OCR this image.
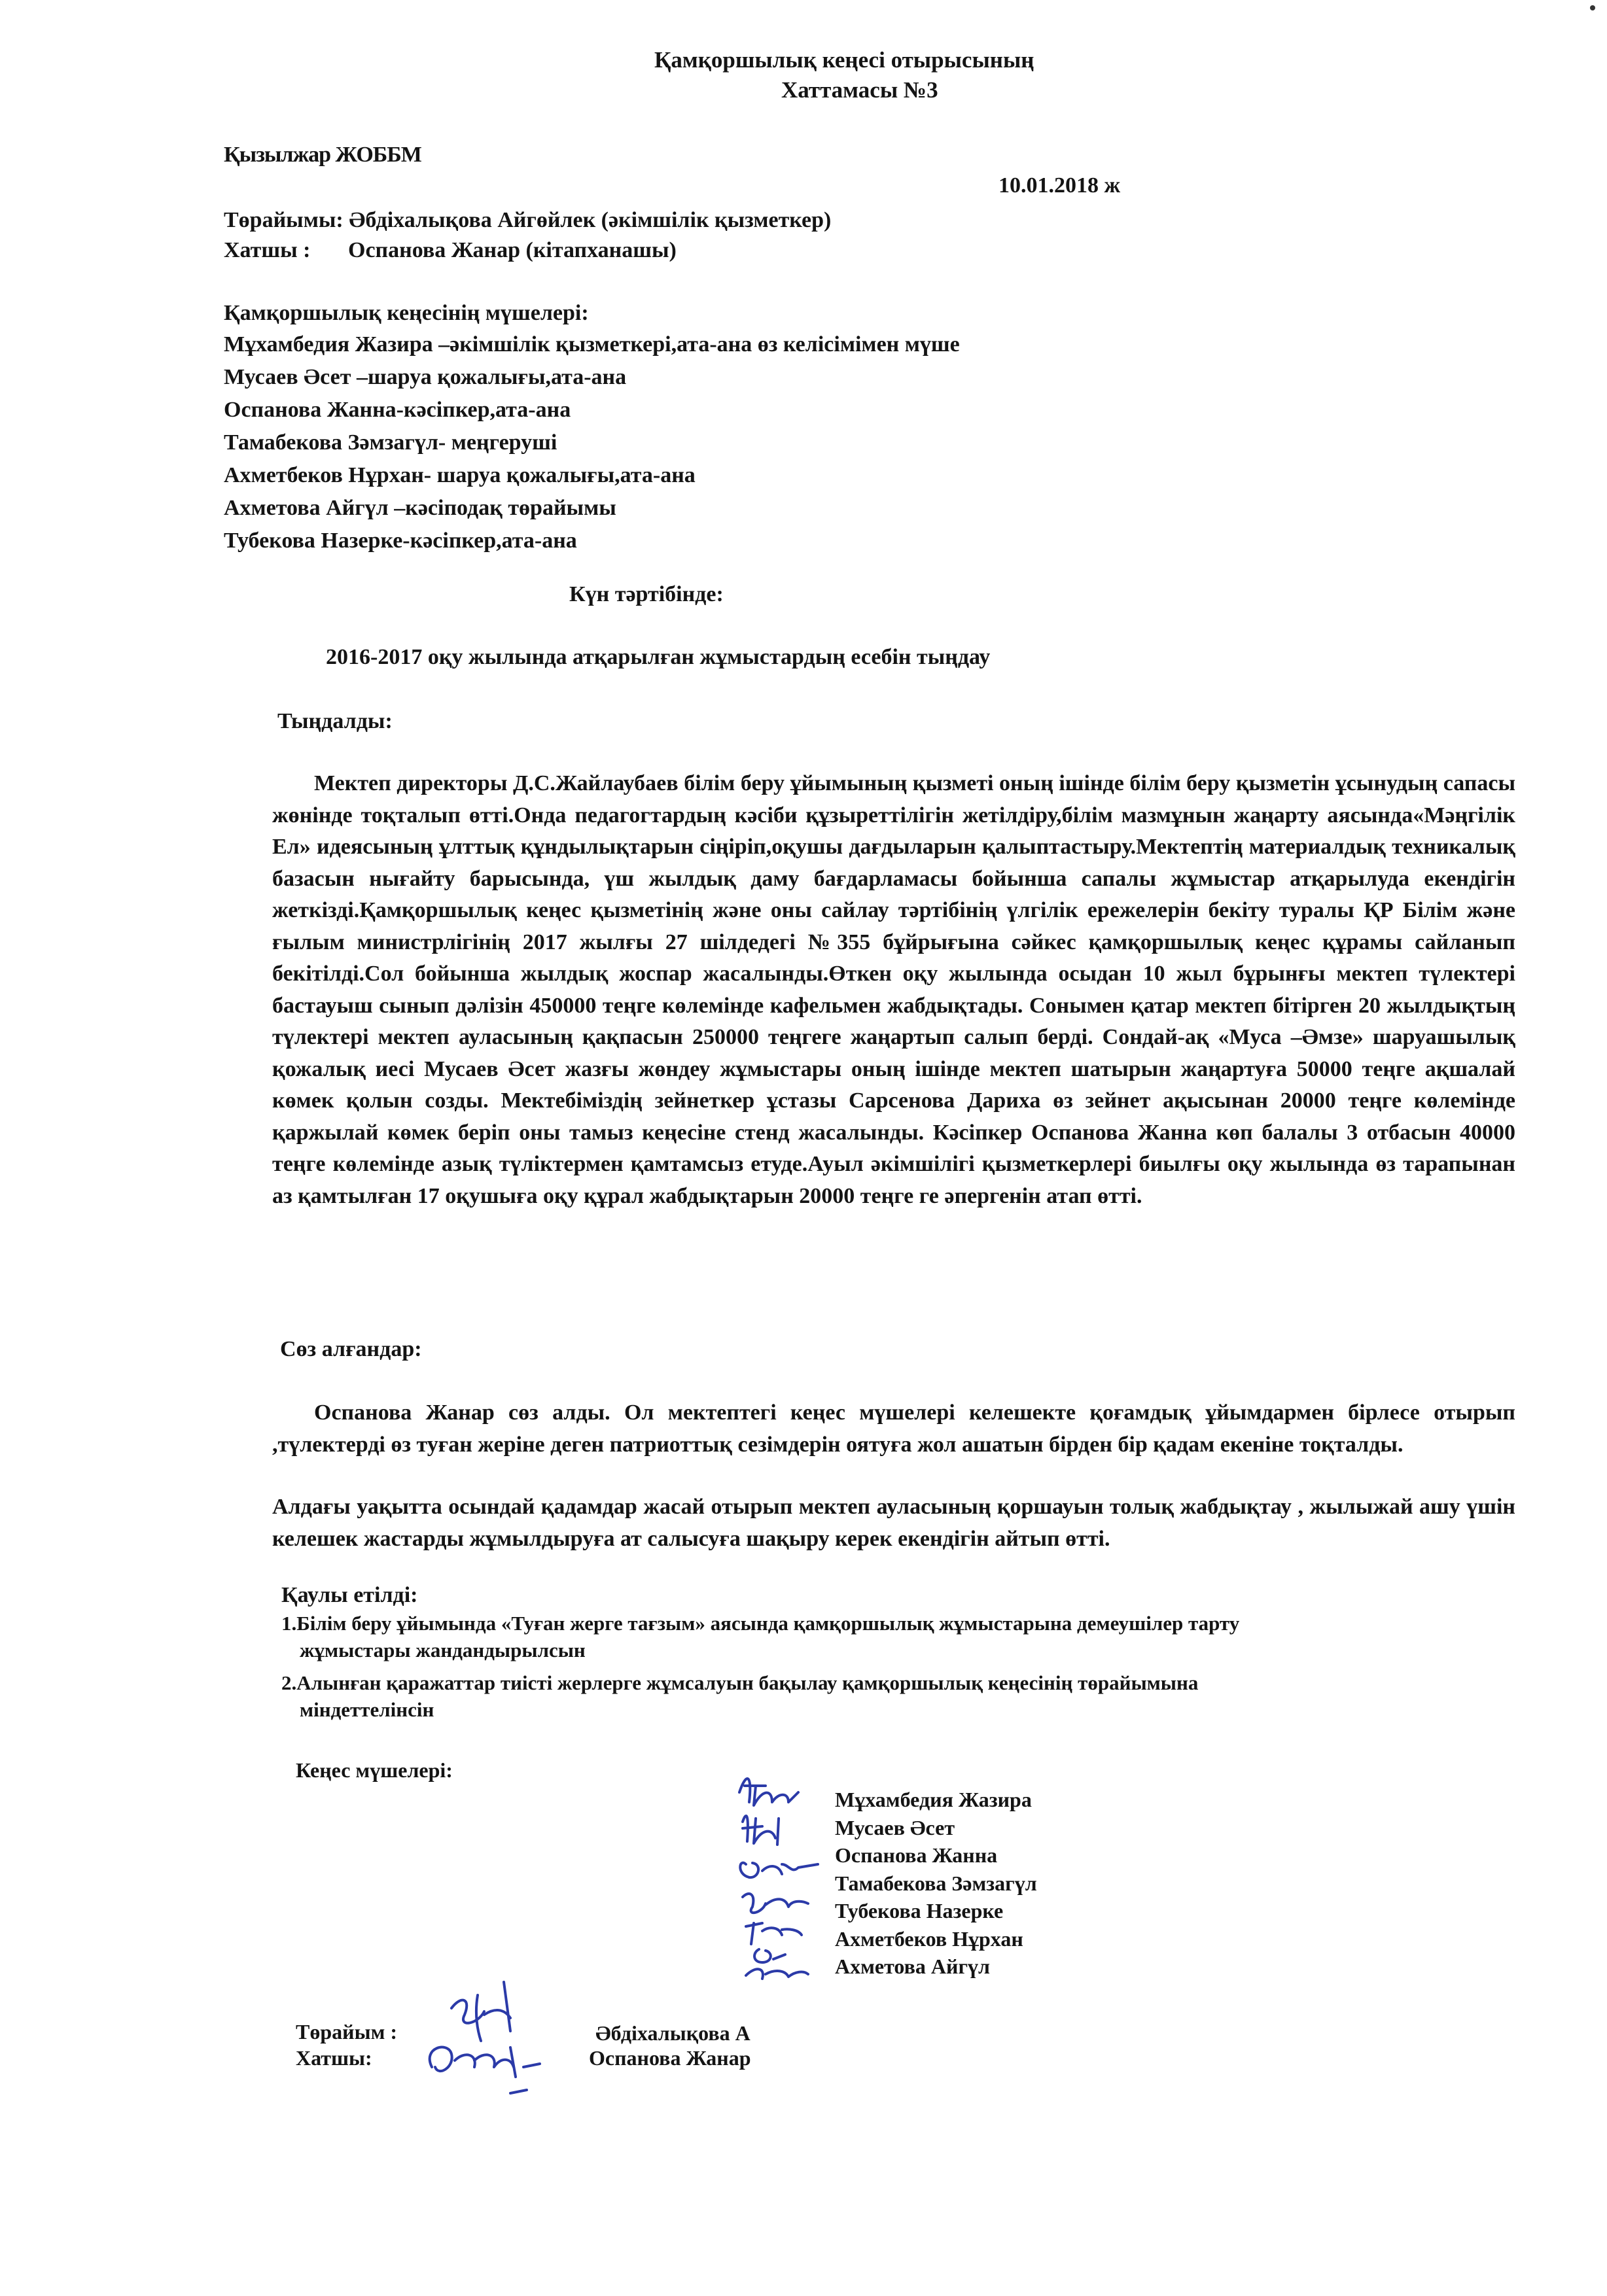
Қамқоршылық кеңесі отырысының
Хаттамасы №3
Қызылжар ЖОББМ
10.01.2018 ж
Төрайымы: Әбдіхалықова Айгөйлек (әкімшілік қызметкер)
Хатшы : Оспанова Жанар (кітапханашы)
Қамқоршылық кеңесінің мүшелері:
Мұхамбедия Жазира –әкімшілік қызметкері,ата-ана өз келісімімен мүше
Мусаев Әсет –шаруа қожалығы,ата-ана
Оспанова Жанна-кәсіпкер,ата-ана
Тамабекова Зәмзагүл- меңгеруші
Ахметбеков Нұрхан- шаруа қожалығы,ата-ана
Ахметова Айгүл –кәсіподақ төрайымы
Тубекова Назерке-кәсіпкер,ата-ана
Күн тәртібінде:
2016-2017 оқу жылында атқарылған жұмыстардың есебін тыңдау
Тыңдалды:
Мектеп директоры Д.С.Жайлаубаев білім беру ұйымының қызметі оның ішінде білім беру қызметін ұсынудың сапасы жөнінде тоқталып өтті.Онда педагогтардың кәсіби құзыреттілігін жетілдіру,білім мазмұнын жаңарту аясында«Мәңгілік Ел» идеясының ұлттық құндылықтарын сіңіріп,оқушы дағдыларын қалыптастыру.Мектептің материалдық техникалық базасын нығайту барысында, үш жылдық даму бағдарламасы бойынша сапалы жұмыстар атқарылуда екендігін жеткізді.Қамқоршылық кеңес қызметінің және оны сайлау тәртібінің үлгілік ережелерін бекіту туралы ҚР Білім және ғылым министрлігінің 2017 жылғы 27 шілдедегі №355 бұйрығына сәйкес қамқоршылық кеңес құрамы сайланып бекітілді.Сол бойынша жылдық жоспар жасалынды.Өткен оқу жылында осыдан 10 жыл бұрынғы мектеп түлектері бастауыш сынып дәлізін 450000 теңге көлемінде кафельмен жабдықтады. Сонымен қатар мектеп бітірген 20 жылдықтың түлектері мектеп ауласының қақпасын 250000 теңгеге жаңартып салып берді. Сондай-ақ «Муса –Әмзе» шаруашылық қожалық иесі Мусаев Әсет жазғы жөндеу жұмыстары оның ішінде мектеп шатырын жаңартуға 50000 теңге ақшалай көмек қолын созды. Мектебіміздің зейнеткер ұстазы Сарсенова Дариха өз зейнет ақысынан 20000 теңге көлемінде қаржылай көмек беріп оны тамыз кеңесіне стенд жасалынды. Кәсіпкер Оспанова Жанна көп балалы 3 отбасын 40000 теңге көлемінде азық түліктермен қамтамсыз етуде.Ауыл әкімшілігі қызметкерлері биылғы оқу жылында өз тарапынан аз қамтылған 17 оқушыға оқу құрал жабдықтарын 20000 теңге ге әпергенін атап өтті.
Сөз алғандар:
Оспанова Жанар сөз алды. Ол мектептегі кеңес мүшелері келешекте қоғамдық ұйымдармен бірлесе отырып ,түлектерді өз туған жеріне деген патриоттық сезімдерін оятуға жол ашатын бірден бір қадам екеніне тоқталды.
Алдағы уақытта осындай қадамдар жасай отырып мектеп ауласының қоршауын толық жабдықтау , жылыжай ашу үшін келешек жастарды жұмылдыруға ат салысуға шақыру керек екендігін айтып өтті.
Қаулы етілді:
1.Білім беру ұйымында «Туған жерге тағзым» аясында қамқоршылық жұмыстарына демеушілер тарту
жұмыстары жандандырылсын
2.Алынған қаражаттар тиісті жерлерге жұмсалуын бақылау қамқоршылық кеңесінің төрайымына
міндеттелінсін
Кеңес мүшелері:
Мұхамбедия Жазира
Мусаев Әсет
Оспанова Жанна
Тамабекова Зәмзагүл
Тубекова Назерке
Ахметбеков Нұрхан
Ахметова Айгүл
Төрайым :	Әбдіхалықова А
Хатшы:	Оспанова Жанар
